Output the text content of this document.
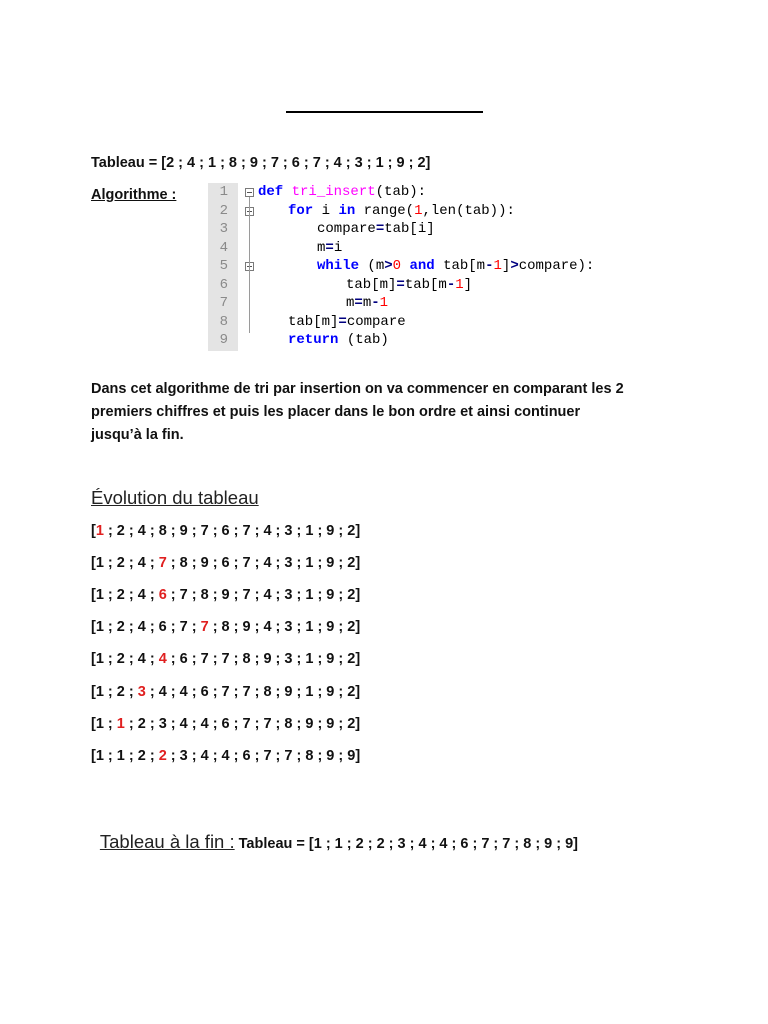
Tableau = [2 ; 4 ; 1 ; 8 ; 9 ; 7 ; 6 ; 7 ; 4 ; 3 ; 1 ; 9 ; 2]
Algorithme :	1 def tri_insert(tab):
2	for i in range(1,len(tab)):
3	compare=tab[i]
4	m=i
5	while (m>0 and tab[m-1]>compare):
6	tab[m]=tab[m-1]
7	m=m-1
8	tab[m]=compare
9	return (tab)
Dans cet algorithme de tri par insertion on va commencer en comparant les 2
premiers chiffres et puis les placer dans le bon ordre et ainsi continuer
jusqu’à la fin.
Évolution du tableau
[1 ; 2 ; 4 ; 8 ; 9 ; 7 ; 6 ; 7 ; 4 ; 3 ; 1 ; 9 ; 2]
[1 ; 2 ; 4 ; 7 ; 8 ; 9 ; 6 ; 7 ; 4 ; 3 ; 1 ; 9 ; 2]
[1 ; 2 ; 4 ; 6 ; 7 ; 8 ; 9 ; 7 ; 4 ; 3 ; 1 ; 9 ; 2]
[1 ; 2 ; 4 ; 6 ; 7 ; 7 ; 8 ; 9 ; 4 ; 3 ; 1 ; 9 ; 2]
[1 ; 2 ; 4 ; 4 ; 6 ; 7 ; 7 ; 8 ; 9 ; 3 ; 1 ; 9 ; 2]
[1 ; 2 ; 3 ; 4 ; 4 ; 6 ; 7 ; 7 ; 8 ; 9 ; 1 ; 9 ; 2]
[1 ; 1 ; 2 ; 3 ; 4 ; 4 ; 6 ; 7 ; 7 ; 8 ; 9 ; 9 ; 2]
[1 ; 1 ; 2 ; 2 ; 3 ; 4 ; 4 ; 6 ; 7 ; 7 ; 8 ; 9 ; 9]

Tableau à la fin : Tableau = [1 ; 1 ; 2 ; 2 ; 3 ; 4 ; 4 ; 6 ; 7 ; 7 ; 8 ; 9 ; 9]
